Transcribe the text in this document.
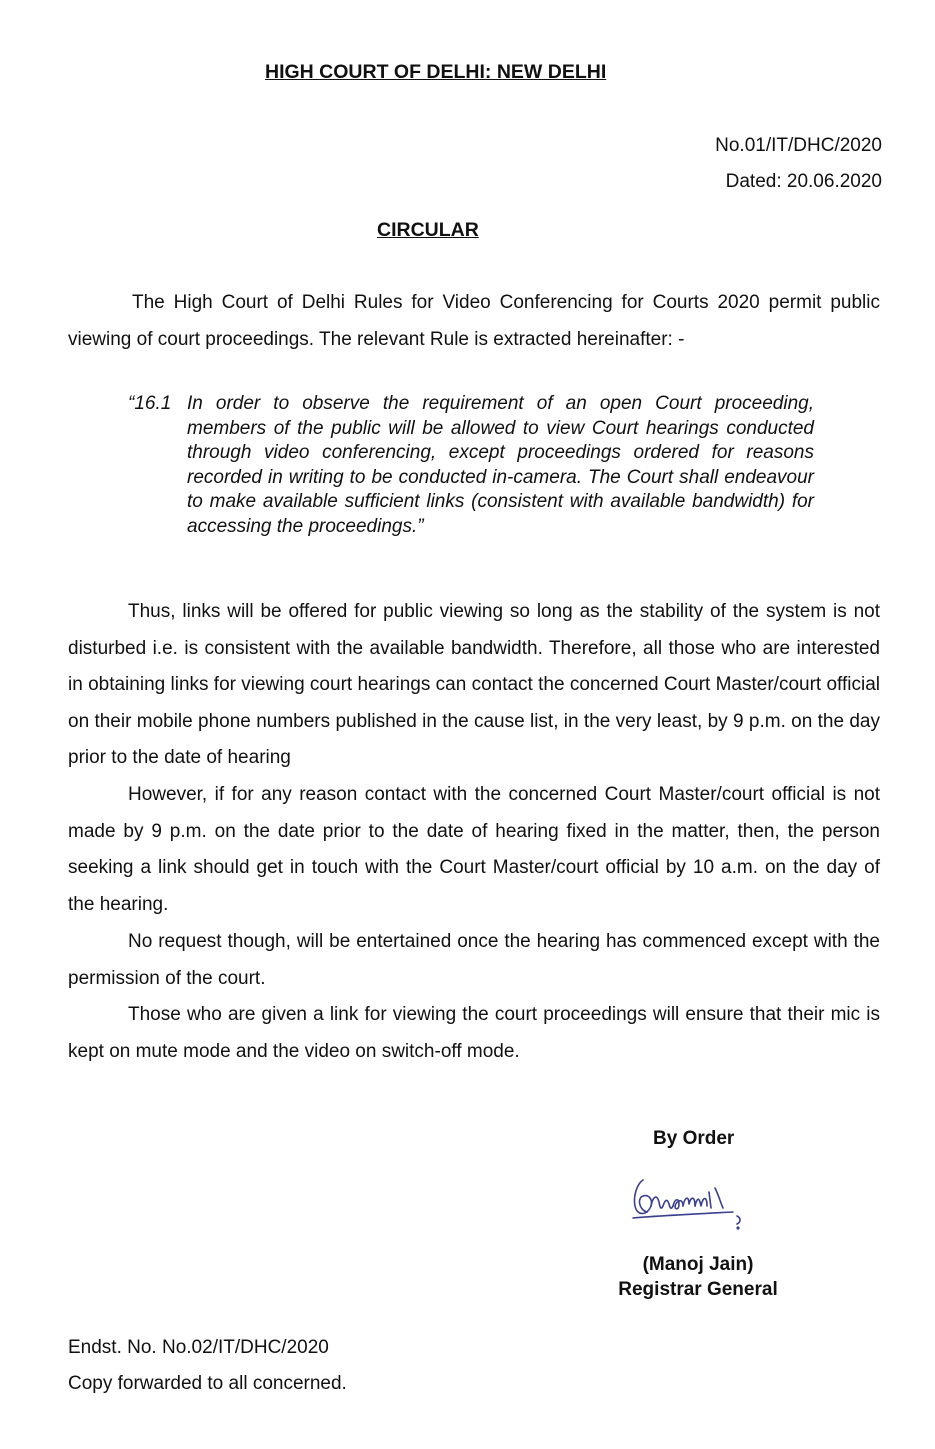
HIGH COURT OF DELHI: NEW DELHI
No.01/IT/DHC/2020
Dated: 20.06.2020
CIRCULAR

The High Court of Delhi Rules for Video Conferencing for Courts 2020 permit public viewing of court proceedings. The relevant Rule is extracted hereinafter: -

“16.1 In order to observe the requirement of an open Court proceeding, members of the public will be allowed to view Court hearings conducted through video conferencing, except proceedings ordered for reasons recorded in writing to be conducted in-camera. The Court shall endeavour to make available sufficient links (consistent with available bandwidth) for accessing the proceedings.”

Thus, links will be offered for public viewing so long as the stability of the system is not disturbed i.e. is consistent with the available bandwidth. Therefore, all those who are interested in obtaining links for viewing court hearings can contact the concerned Court Master/court official on their mobile phone numbers published in the cause list, in the very least, by 9 p.m. on the day prior to the date of hearing

However, if for any reason contact with the concerned Court Master/court official is not made by 9 p.m. on the date prior to the date of hearing fixed in the matter, then, the person seeking a link should get in touch with the Court Master/court official by 10 a.m. on the day of the hearing.

No request though, will be entertained once the hearing has commenced except with the permission of the court.

Those who are given a link for viewing the court proceedings will ensure that their mic is kept on mute mode and the video on switch-off mode.

By Order
(Manoj Jain)
Registrar General
Endst. No. No.02/IT/DHC/2020
Copy forwarded to all concerned.
